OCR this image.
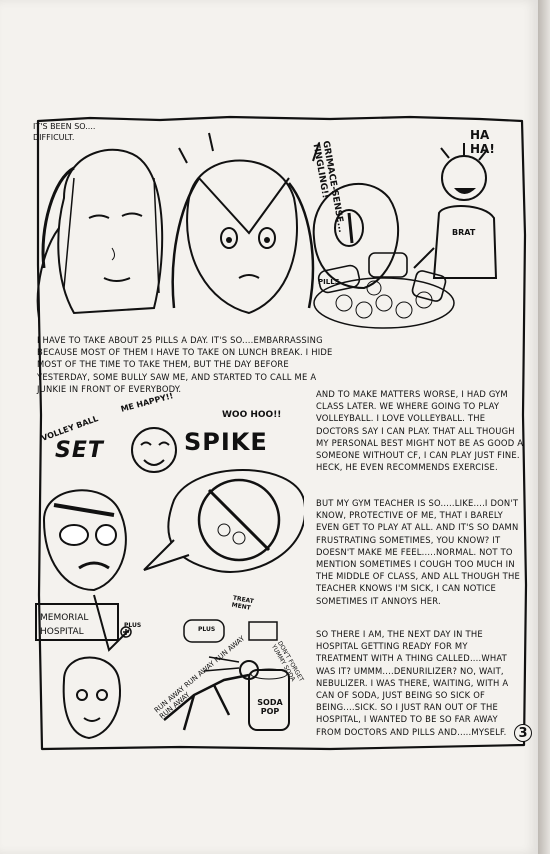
IT'S BEEN SO.... DIFFICULT.
GRIMACE-SENSE... TINGLING!!
HA HA!
BRAT
PILLS
I HAVE TO TAKE ABOUT 25 PILLS A DAY. IT'S SO....EMBARRASSING BECAUSE MOST OF THEM I HAVE TO TAKE ON LUNCH BREAK. I HIDE MOST OF THE TIME TO TAKE THEM, BUT THE DAY BEFORE YESTERDAY, SOME BULLY SAW ME, AND STARTED TO CALL ME A JUNKIE IN FRONT OF EVERYBODY.
VOLLEY BALL
SET
ME HAPPY!!
WOO HOO!!
SPIKE
MEMORIAL HOSPITAL
PLUS
PLUS
TREAT MENT
RUN AWAY RUN AWAY RUN AWAY RUN AWAY
DON'T FORGET YUMMY SODA
SODA POP
AND TO MAKE MATTERS WORSE, I HAD GYM CLASS LATER. WE WHERE GOING TO PLAY VOLLEYBALL. I LOVE VOLLEYBALL. THE DOCTORS SAY I CAN PLAY. THAT ALL THOUGH MY PERSONAL BEST MIGHT NOT BE AS GOOD A SOMEONE WITHOUT CF, I CAN PLAY JUST FINE. HECK, HE EVEN RECOMMENDS EXERCISE.
BUT MY GYM TEACHER IS SO.....LIKE....I DON'T KNOW, PROTECTIVE OF ME, THAT I BARELY EVEN GET TO PLAY AT ALL. AND IT'S SO DAMN FRUSTRATING SOMETIMES, YOU KNOW? IT DOESN'T MAKE ME FEEL.....NORMAL. NOT TO MENTION SOMETIMES I COUGH TOO MUCH IN THE MIDDLE OF CLASS, AND ALL THOUGH THE TEACHER KNOWS I'M SICK, I CAN NOTICE SOMETIMES IT ANNOYS HER.
SO THERE I AM, THE NEXT DAY IN THE HOSPITAL GETTING READY FOR MY TREATMENT WITH A THING CALLED....WHAT WAS IT? UMMM....DENURILIZER? NO, WAIT, NEBULIZER. I WAS THERE, WAITING, WITH A CAN OF SODA, JUST BEING SO SICK OF BEING....SICK. SO I JUST RAN OUT OF THE HOSPITAL, I WANTED TO BE SO FAR AWAY FROM DOCTORS AND PILLS AND.....MYSELF. 3
